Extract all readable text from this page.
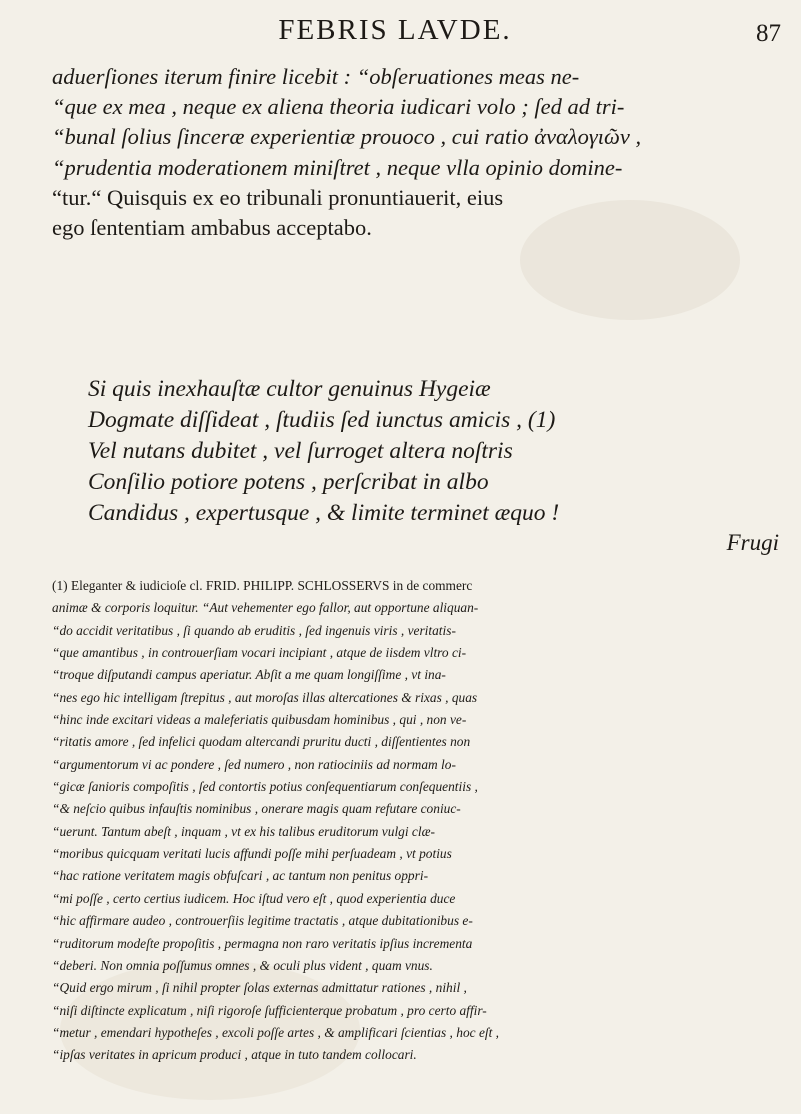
FEBRIS LAVDE.	87
aduerſiones iterum finire licebit : “obſeruationes meas ne-
“que ex mea , neque ex aliena theoria iudicari volo ; ſed ad tri-
“bunal ſolius ſinceræ experientiæ prouoco , cui ratio ἀναλογιῶν ,
“prudentia moderationem miniſtret , neque vlla opinio domine-
“tur.“ Quisquis ex eo tribunali pronuntiauerit, eius
ego ſententiam ambabus acceptabo.
Si quis inexhauſtæ cultor genuinus Hygeiæ
Dogmate diſſideat , ſtudiis ſed iunctus amicis , (1)
Vel nutans dubitet , vel ſurroget altera noſtris
Conſilio potiore potens , perſcribat in albo
Candidus , expertusque , & limite terminet æquo !
Frugi
(1) Eleganter & iudicioſe cl. FRID. PHILIPP. SCHLOSSERVS in de commerc
animæ & corporis loquitur. “Aut vehementer ego fallor, aut opportune aliquan-
“do accidit veritatibus , ſi quando ab eruditis , ſed ingenuis viris , veritatis-
“que amantibus , in controuerſiam vocari incipiant , atque de iisdem vltro ci-
“troque diſputandi campus aperiatur. Abſit a me quam longiſſime , vt ina-
“nes ego hic intelligam ſtrepitus , aut moroſas illas altercationes & rixas , quas
“hinc inde excitari videas a maleferiatis quibusdam hominibus , qui , non ve-
“ritatis amore , ſed infelici quodam altercandi pruritu ducti , diſſentientes non
“argumentorum vi ac pondere , ſed numero , non ratiociniis ad normam lo-
“gicæ ſanioris compoſitis , ſed contortis potius conſequentiarum conſequentiis ,
“& neſcio quibus infauſtis nominibus , onerare magis quam refutare coniuc-
“uerunt. Tantum abeſt , inquam , vt ex his talibus eruditorum vulgi clæ-
“moribus quicquam veritati lucis affundi poſſe mihi perſuadeam , vt potius
“hac ratione veritatem magis obfuſcari , ac tantum non penitus oppri-
“mi poſſe , certo certius iudicem. Hoc iſtud vero eſt , quod experientia duce
“hic affirmare audeo , controuerſiis legitime tractatis , atque dubitationibus e-
“ruditorum modeſte propoſitis , permagna non raro veritatis ipſius incrementa
“deberi. Non omnia poſſumus omnes , & oculi plus vident , quam vnus.
“Quid ergo mirum , ſi nihil propter ſolas externas admittatur rationes , nihil ,
“niſi diſtincte explicatum , niſi rigoroſe ſufficienterque probatum , pro certo affir-
“metur , emendari hypotheſes , excoli poſſe artes , & amplificari ſcientias , hoc eſt ,
“ipſas veritates in apricum produci , atque in tuto tandem collocari.
